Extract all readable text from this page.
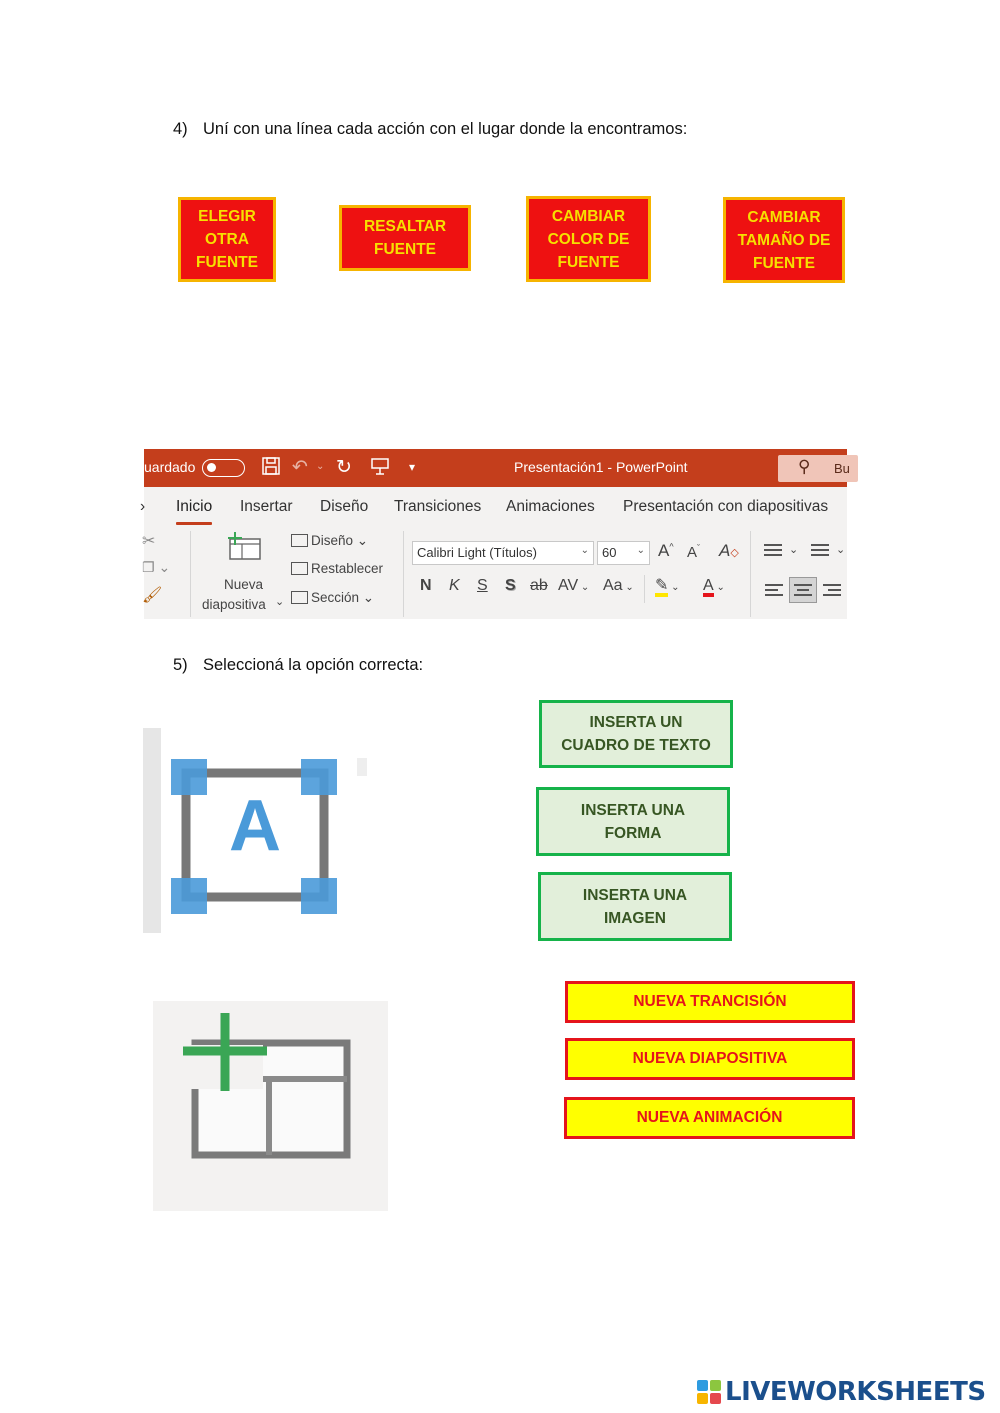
4) Uní con una línea cada acción con el lugar donde la encontramos:
ELEGIR OTRA FUENTE
RESALTAR FUENTE
CAMBIAR COLOR DE FUENTE
CAMBIAR TAMAÑO DE FUENTE
uardado	↶ ⌄ ↻	▾	Presentación1 - PowerPoint	⚲ Bu
› Inicio Insertar Diseño Transiciones Animaciones Presentación con diapositivas
✂
❐ ⌄
🖌
Nueva
diapositiva ⌄
Diseño ⌄
Restablecer
Sección ⌄
Calibri Light (Títulos)	⌄	60 ⌄ A^ $A^ˇ$ A◇
N K S S ab AV ⌄ Aa ⌄ ✎ ⌄ A ⌄
⌄	⌄
5) Seleccioná la opción correcta:
A
INSERTA UN CUADRO DE TEXTO
INSERTA UNA FORMA
INSERTA UNA IMAGEN
NUEVA TRANCISIÓN
NUEVA DIAPOSITIVA
NUEVA ANIMACIÓN
LIVEWORKSHEETS
